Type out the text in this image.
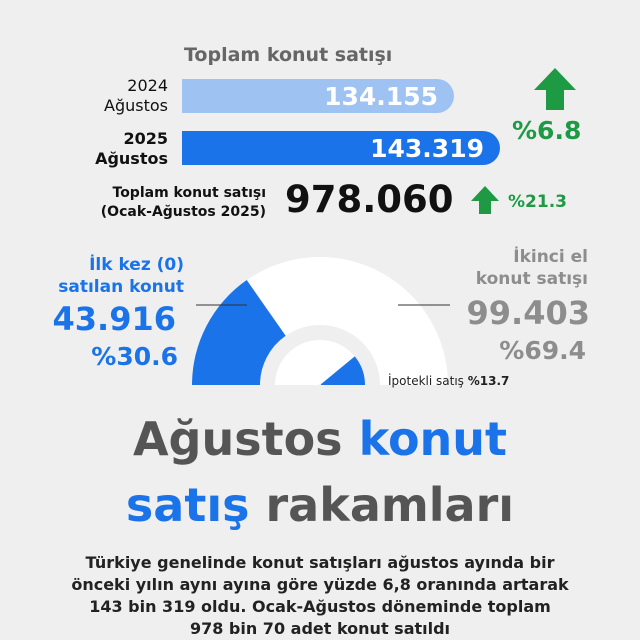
Toplam konut satışı
2024
Ağustos	134.155
2025
Ağustos	143.319
%6.8
Toplam konut satışı
(Ocak-Ağustos 2025) 978.060	%21.3
İlk kez (0)
satılan konut
43.916
%30.6
İkinci el
konut satışı
99.403
%69.4
İpotekli satış %13.7
Ağustos konut
satış rakamları
Türkiye genelinde konut satışları ağustos ayında bir
önceki yılın aynı ayına göre yüzde 6,8 oranında artarak
143 bin 319 oldu. Ocak-Ağustos döneminde toplam
978 bin 70 adet konut satıldı
